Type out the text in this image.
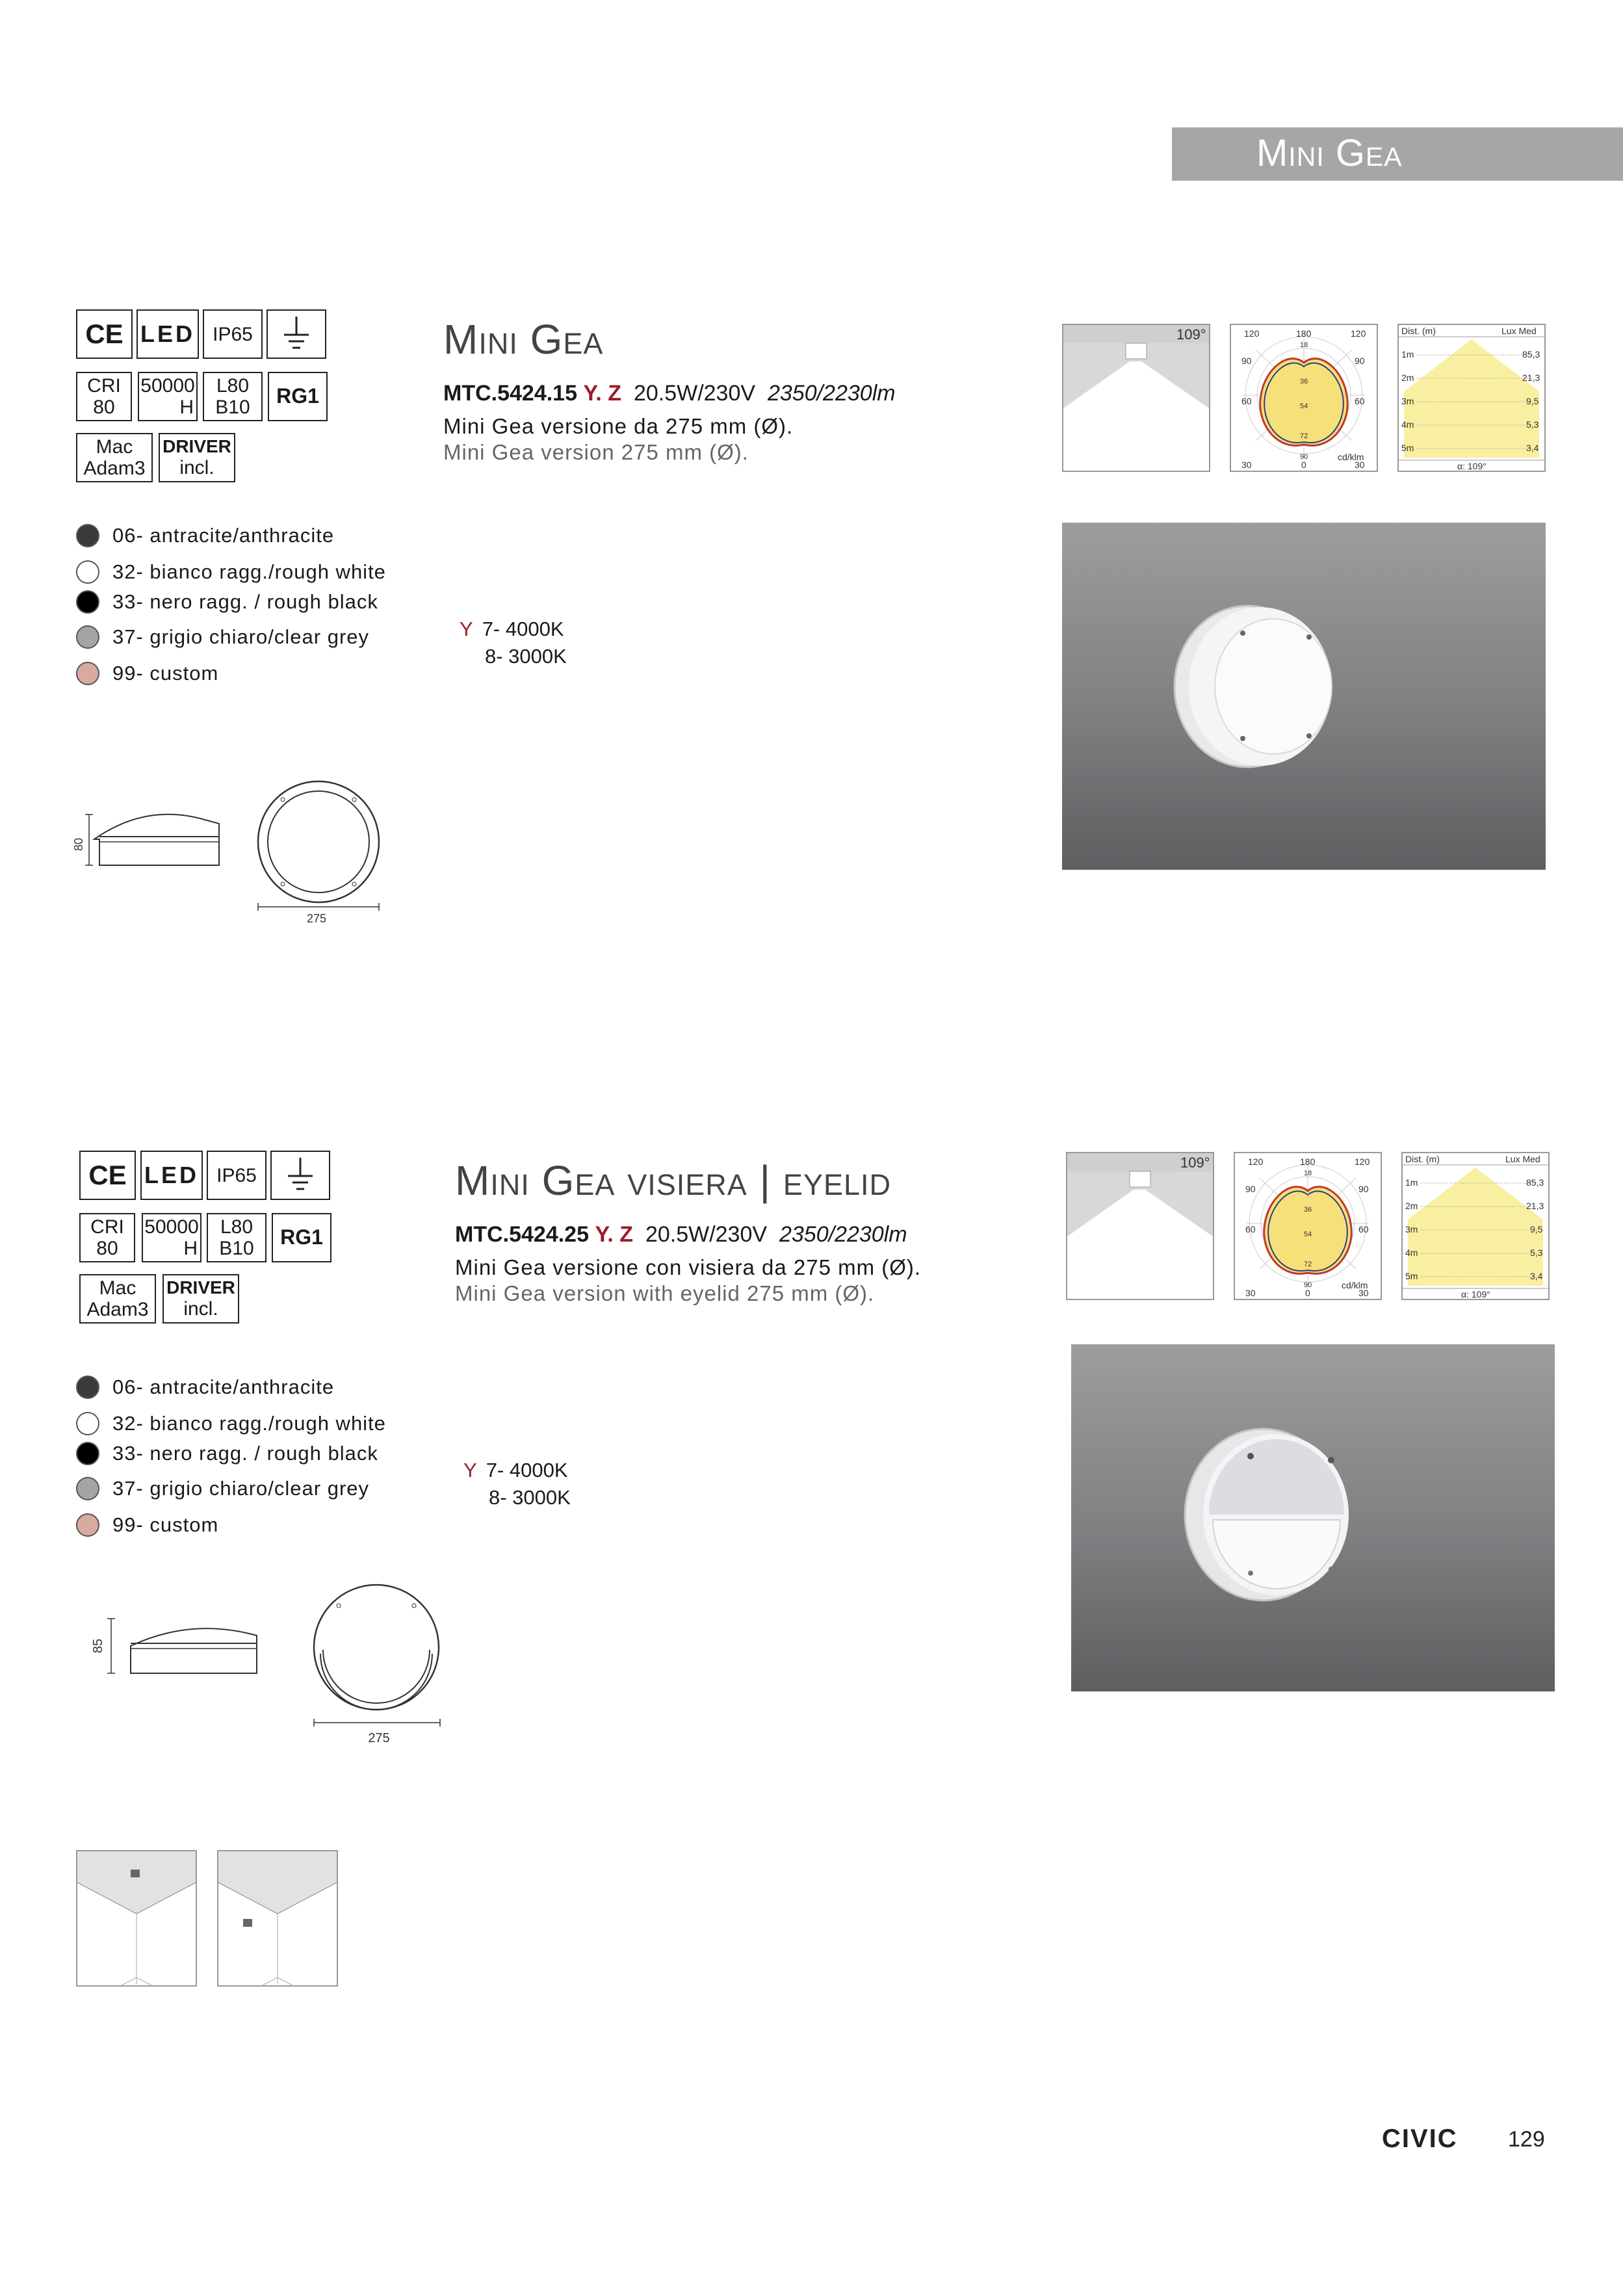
Mini Gea
CE LED IP65
CRI
80
50000
H
L80
B10 RG1
Mac
Adam3
DRIVER
incl.
Mini Gea
MTC.5424.15 Y. Z 20.5W/230V 2350/2230lm
Mini Gea versione da 275 mm (Ø).
Mini Gea version 275 mm (Ø).
06- antracite/anthracite
32- bianco ragg./rough white
33- nero ragg. / rough black
37- grigio chiaro/clear grey
99- custom
Y 7- 4000K
8- 3000K
80
275
109°	120	180	120
90	90
60	60
30	0	30
18
36
54
72
90	cd/klm
Dist. (m)	Lux Med
1m	85,3
2m	21,3
3m	9,5
4m	5,3
5m	3,4
α: 109°
CE LED IP65
CRI
80
50000
H
L80
B10 RG1
Mac
Adam3
DRIVER
incl.
Mini Gea visiera | eyelid
MTC.5424.25 Y. Z 20.5W/230V 2350/2230lm
Mini Gea versione con visiera da 275 mm (Ø).
Mini Gea version with eyelid 275 mm (Ø).
06- antracite/anthracite
32- bianco ragg./rough white
33- nero ragg. / rough black
37- grigio chiaro/clear grey
99- custom
Y 7- 4000K
8- 3000K
85
275
109°	120	180	120
90	90
60	60
30	0	30
18
36
54
72
90	cd/klm
Dist. (m)	Lux Med
1m	85,3
2m	21,3
3m	9,5
4m	5,3
5m	3,4
α: 109°
CIVIC 129
